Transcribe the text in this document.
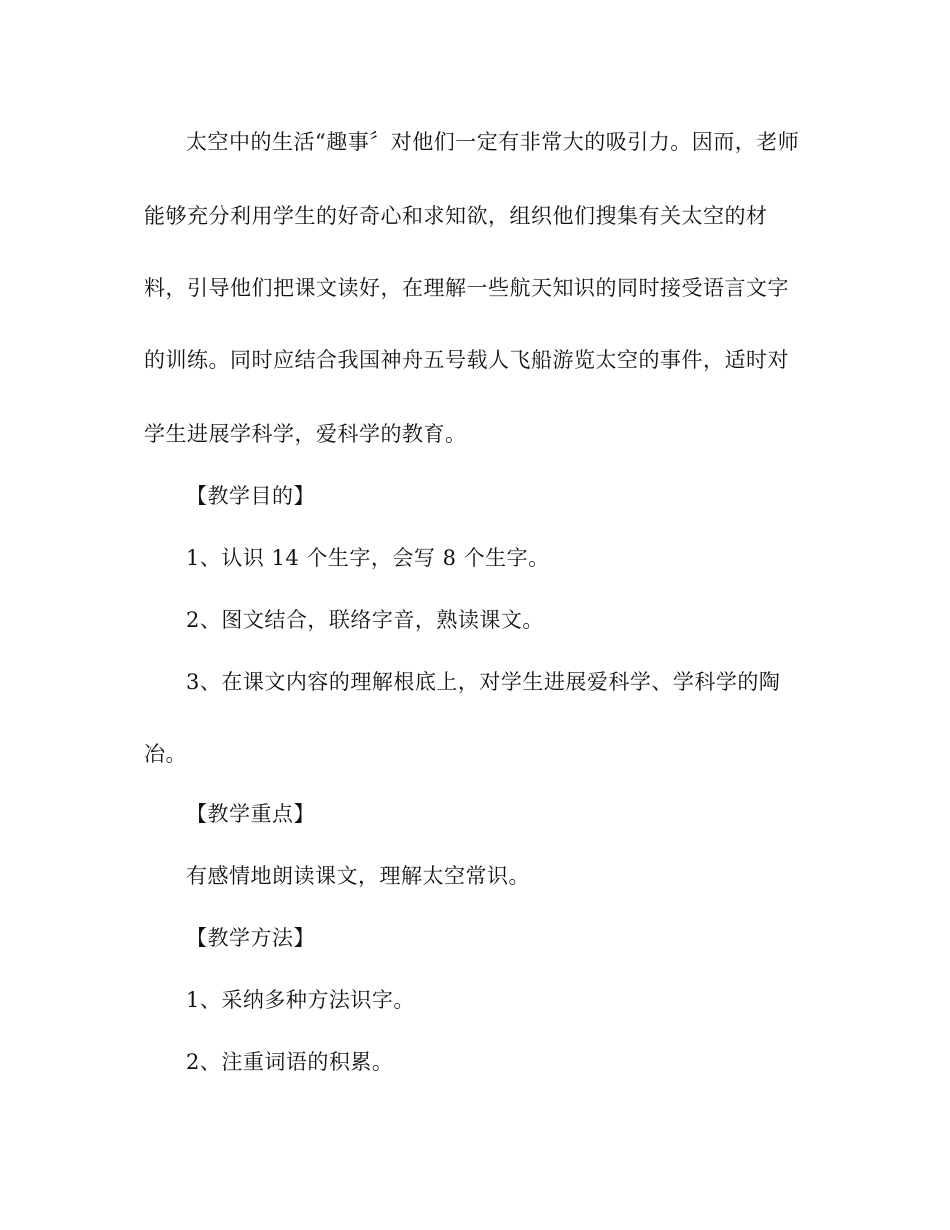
太空中的生活“趣事〞对他们一定有非常大的吸引力。因而，老师
能够充分利用学生的好奇心和求知欲，组织他们搜集有关太空的材
料，引导他们把课文读好，在理解一些航天知识的同时接受语言文字
的训练。同时应结合我国神舟五号载人飞船游览太空的事件，适时对
学生进展学科学，爱科学的教育。
【教学目的】
1、认识 14 个生字，会写 8 个生字。
2、图文结合，联络字音，熟读课文。
3、在课文内容的理解根底上，对学生进展爱科学、学科学的陶
冶。
【教学重点】
有感情地朗读课文，理解太空常识。
【教学方法】
1、采纳多种方法识字。
2、注重词语的积累。
